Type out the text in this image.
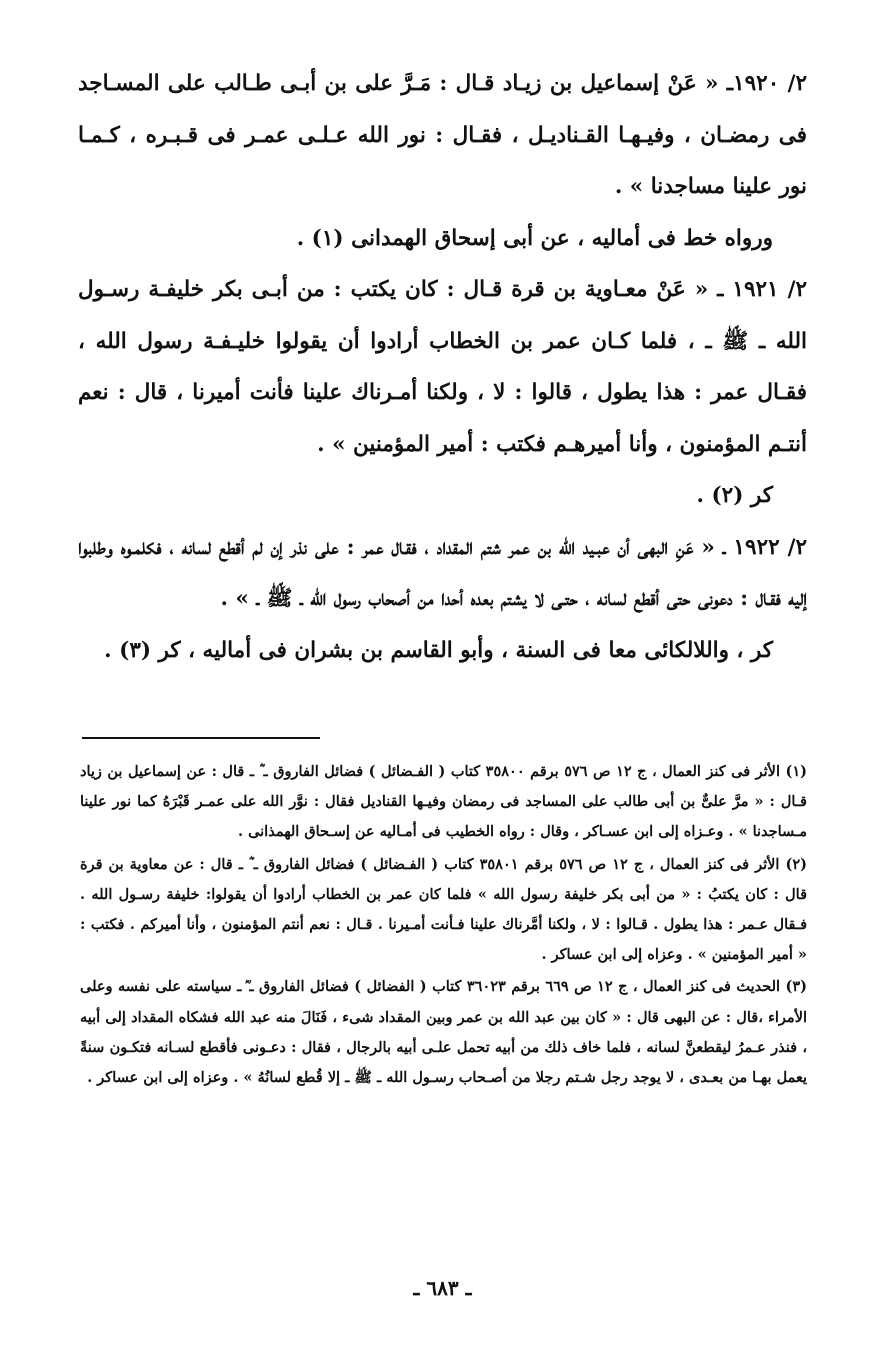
٢/ ١٩٢٠ـ « عَنْ إسماعيل بن زيـاد قـال : مَـرَّ على بن أبـى طـالب على المسـاجد فى رمضـان ، وفيـهـا القـناديـل ، فقـال : نور الله عـلـى عمـر فى قـبـره ، كـمـا نور علينا مساجدنا » .

ورواه خط فى أماليه ، عن أبى إسحاق الهمدانى (١) .

٢/ ١٩٢١ ـ « عَنْ معـاوية بن قرة قـال : كان يكتب : من أبـى بكر خليفـة رسـول الله ـ ﷺ ـ ، فلما كـان عمر بن الخطاب أرادوا أن يقولوا خليـفـة رسول الله ، فقـال عمر : هذا يطول ، قالوا : لا ، ولكنا أمـرناك علينا فأنت أميرنا ، قال : نعم أنتـم المؤمنون ، وأنا أميرهـم فكتب : أمير المؤمنين » .

كر (٢) .

٢/ ١٩٢٢ ـ « عَنِ البهى أن عبـيد الله بن عمر شتم المقداد ، فقـال عمر : على نذر إن لم أقطع لسانه ، فكلمـوه وطلبوا إليه فقـال : دعونى حتى أقطع لسانه ، حتـى لا يشتم بعده أحدا من أصحاب رسول الله ـ ﷺ ـ » .

كر ، واللالكائى معا فى السنة ، وأبو القاسم بن بشران فى أماليه ، كر (٣) .

(١) الأثر فى كنز العمال ، ج ١٢ ص ٥٧٦ برقم ٣٥٨٠٠ كتاب ( الفـضائل ) فضائل الفاروق ـ ؓ ـ قال : عن إسماعيل بن زياد قـال : « مرَّ علىٌّ بن أبى طالب على المساجد فى رمضان وفيـها القناديل فقال : نوَّر الله على عمـر قَبْرَهُ كما نور علينا مـساجدنا » . وعـزاه إلى ابن عسـاكر ، وقال : رواه الخطيب فى أمـاليه عن إسـحاق الهمذانى .

(٢) الأثر فى كنز العمال ، ج ١٢ ص ٥٧٦ برقم ٣٥٨٠١ كتاب ( الفـضائل ) فضائل الفاروق ـ ؓ ـ قال : عن معاوية بن قرة قال : كان يكتبُ : « من أبى بكر خليفة رسول الله » فلما كان عمر بن الخطاب أرادوا أن يقولوا: خليفة رسـول الله . فـقال عـمر : هذا يطول . قـالوا : لا ، ولكنا أمَّرناك علينا فـأنت أمـيرنا . قـال : نعم أنتم المؤمنون ، وأنا أميركم . فكتب : « أمير المؤمنين » . وعزاه إلى ابن عساكر .

(٣) الحديث فى كنز العمال ، ج ١٢ ص ٦٦٩ برقم ٣٦٠٢٣ كتاب ( الفضائل ) فضائل الفاروق ـ ؓ ـ سياسته على نفسه وعلى الأمراء ،قال : عن البهى قال : « كان بين عبد الله بن عمر وبين المقداد شىء ، فَنَالَ منه عبد الله فشكاه المقداد إلى أبيه ، فنذر عـمرُ ليقطعنَّ لسانه ، فلما خاف ذلك من أبيه تحمل علـى أبيه بالرجال ، فقال : دعـونى فأقطع لسـانه فتكـون سنةً يعمل بهـا من بعـدى ، لا يوجد رجل شـتم رجلا من أصـحاب رسـول الله ـ ﷺ ـ إلا قُطع لسانُهُ » . وعزاه إلى ابن عساكر .

ـ ٦٨٣ ـ
